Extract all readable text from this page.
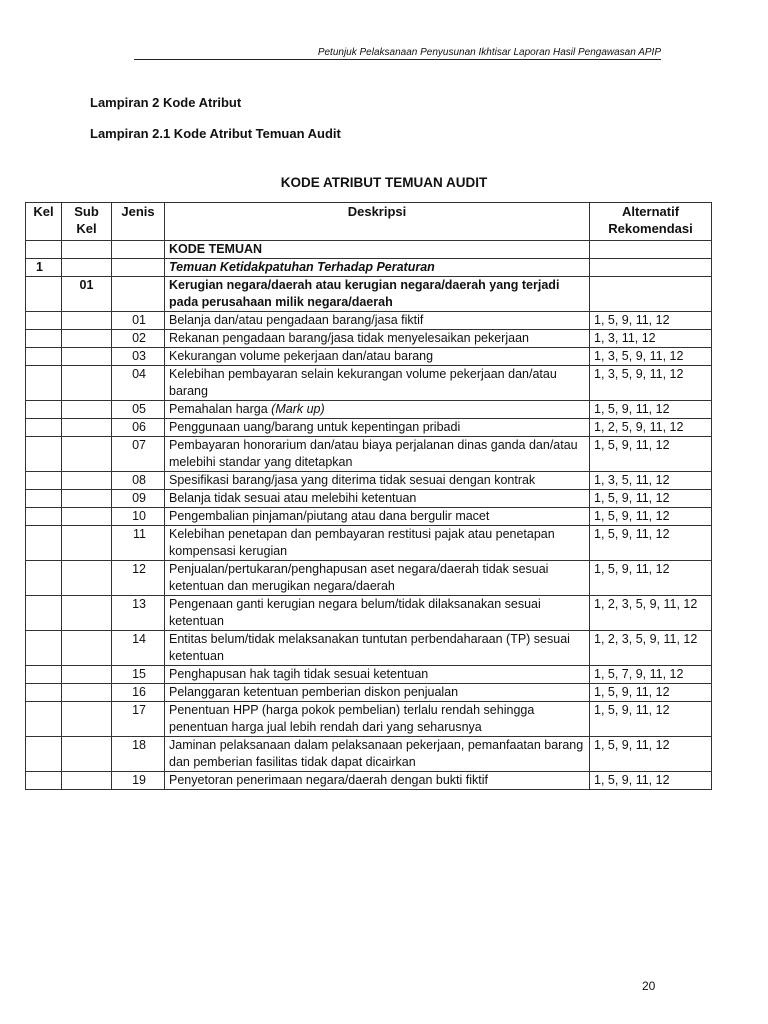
Petunjuk Pelaksanaan Penyusunan Ikhtisar Laporan Hasil Pengawasan APIP
Lampiran 2 Kode Atribut
Lampiran 2.1 Kode Atribut Temuan Audit
KODE ATRIBUT TEMUAN AUDIT
Kel	Sub Kel	Jenis	Deskripsi	Alternatif Rekomendasi
			KODE TEMUAN	
1			Temuan Ketidakpatuhan Terhadap Peraturan	
	01		Kerugian negara/daerah atau kerugian negara/daerah yang terjadi pada perusahaan milik negara/daerah	
		01	Belanja dan/atau pengadaan barang/jasa fiktif	1, 5, 9, 11, 12
		02	Rekanan pengadaan barang/jasa tidak menyelesaikan pekerjaan	1, 3, 11, 12
		03	Kekurangan volume pekerjaan dan/atau barang	1, 3, 5, 9, 11, 12
		04	Kelebihan pembayaran selain kekurangan volume pekerjaan dan/atau barang	1, 3, 5, 9, 11, 12
		05	Pemahalan harga (Mark up)	1, 5, 9, 11, 12
		06	Penggunaan uang/barang untuk kepentingan pribadi	1, 2, 5, 9, 11, 12
		07	Pembayaran honorarium dan/atau biaya perjalanan dinas ganda dan/atau melebihi standar yang ditetapkan	1, 5, 9, 11, 12
		08	Spesifikasi barang/jasa yang diterima tidak sesuai dengan kontrak	1, 3, 5, 11, 12
		09	Belanja tidak sesuai atau melebihi ketentuan	1, 5, 9, 11, 12
		10	Pengembalian pinjaman/piutang atau dana bergulir macet	1, 5, 9, 11, 12
		11	Kelebihan penetapan dan pembayaran restitusi pajak atau penetapan kompensasi kerugian	1, 5, 9, 11, 12
		12	Penjualan/pertukaran/penghapusan aset negara/daerah tidak sesuai ketentuan dan merugikan negara/daerah	1, 5, 9, 11, 12
		13	Pengenaan ganti kerugian negara belum/tidak dilaksanakan sesuai ketentuan	1, 2, 3, 5, 9, 11, 12
		14	Entitas belum/tidak melaksanakan tuntutan perbendaharaan (TP) sesuai ketentuan	1, 2, 3, 5, 9, 11, 12
		15	Penghapusan hak tagih tidak sesuai ketentuan	1, 5, 7, 9, 11, 12
		16	Pelanggaran ketentuan pemberian diskon penjualan	1, 5, 9, 11, 12
		17	Penentuan HPP (harga pokok pembelian) terlalu rendah sehingga penentuan harga jual lebih rendah dari yang seharusnya	1, 5, 9, 11, 12
		18	Jaminan pelaksanaan dalam pelaksanaan pekerjaan, pemanfaatan barang dan pemberian fasilitas tidak dapat dicairkan	1, 5, 9, 11, 12
		19	Penyetoran penerimaan negara/daerah dengan bukti fiktif	1, 5, 9, 11, 12
20
